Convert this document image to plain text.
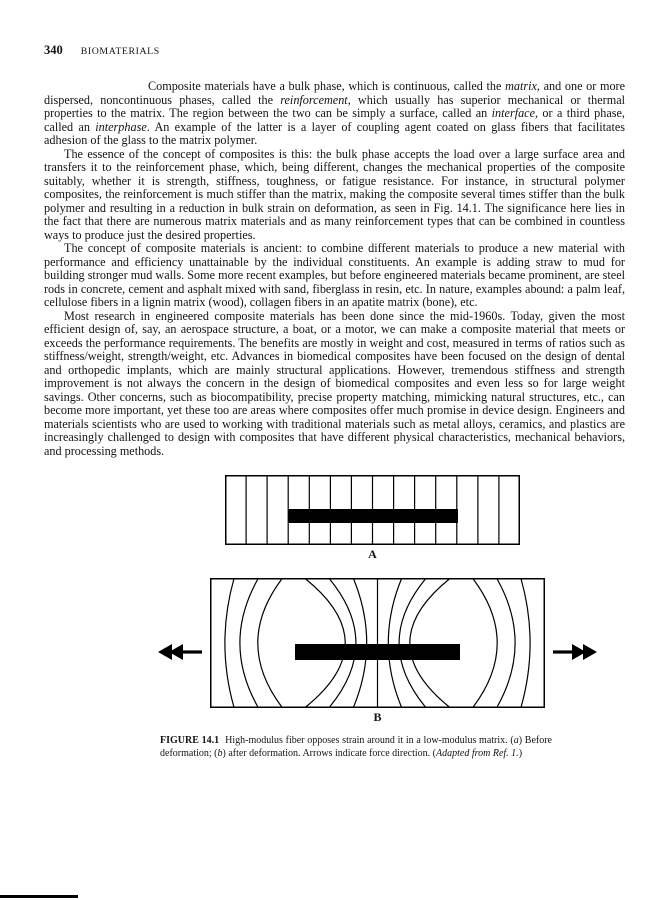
340 BIOMATERIALS

Composite materials have a bulk phase, which is continuous, called the matrix, and one or more dispersed, noncontinuous phases, called the reinforcement, which usually has superior mechanical or thermal properties to the matrix. The region between the two can be simply a surface, called an interface, or a third phase, called an interphase. An example of the latter is a layer of coupling agent coated on glass fibers that facilitates adhesion of the glass to the matrix polymer.

The essence of the concept of composites is this: the bulk phase accepts the load over a large surface area and transfers it to the reinforcement phase, which, being different, changes the mechanical properties of the composite suitably, whether it is strength, stiffness, toughness, or fatigue resistance. For instance, in structural polymer composites, the reinforcement is much stiffer than the matrix, making the composite several times stiffer than the bulk polymer and resulting in a reduction in bulk strain on deformation, as seen in Fig. 14.1. The significance here lies in the fact that there are numerous matrix materials and as many reinforcement types that can be combined in countless ways to produce just the desired properties.

The concept of composite materials is ancient: to combine different materials to produce a new material with performance and efficiency unattainable by the individual constituents. An example is adding straw to mud for building stronger mud walls. Some more recent examples, but before engineered materials became prominent, are steel rods in concrete, cement and asphalt mixed with sand, fiberglass in resin, etc. In nature, examples abound: a palm leaf, cellulose fibers in a lignin matrix (wood), collagen fibers in an apatite matrix (bone), etc.

Most research in engineered composite materials has been done since the mid-1960s. Today, given the most efficient design of, say, an aerospace structure, a boat, or a motor, we can make a composite material that meets or exceeds the performance requirements. The benefits are mostly in weight and cost, measured in terms of ratios such as stiffness/weight, strength/weight, etc. Advances in biomedical composites have been focused on the design of dental and orthopedic implants, which are mainly structural applications. However, tremendous stiffness and strength improvement is not always the concern in the design of biomedical composites and even less so for large weight savings. Other concerns, such as biocompatibility, precise property matching, mimicking natural structures, etc., can become more important, yet these too are areas where composites offer much promise in device design. Engineers and materials scientists who are used to working with traditional materials such as metal alloys, ceramics, and plastics are increasingly challenged to design with composites that have different physical characteristics, mechanical behaviors, and processing methods.

A
B
FIGURE 14.1 High-modulus fiber opposes strain around it in a low-modulus matrix. (a) Before deformation; (b) after deformation. Arrows indicate force direction. (Adapted from Ref. 1.)
